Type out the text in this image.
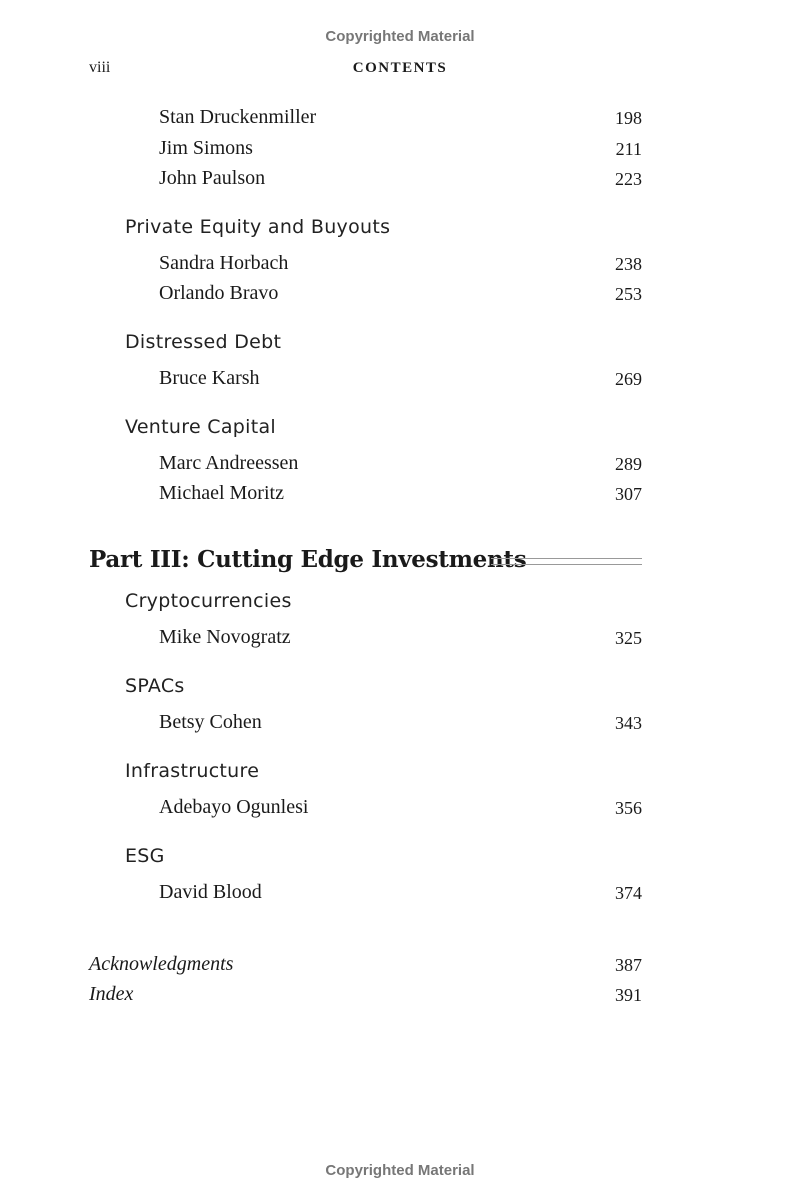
Copyrighted Material
viii	CONTENTS
Stan Druckenmiller	198
Jim Simons	211
John Paulson	223
Private Equity and Buyouts
Sandra Horbach	238
Orlando Bravo	253
Distressed Debt
Bruce Karsh	269
Venture Capital
Marc Andreessen	289
Michael Moritz	307
Part III: Cutting Edge Investments
Cryptocurrencies
Mike Novogratz	325
SPACs
Betsy Cohen	343
Infrastructure
Adebayo Ogunlesi	356
ESG
David Blood	374
Acknowledgments	387
Index	391
Copyrighted Material
